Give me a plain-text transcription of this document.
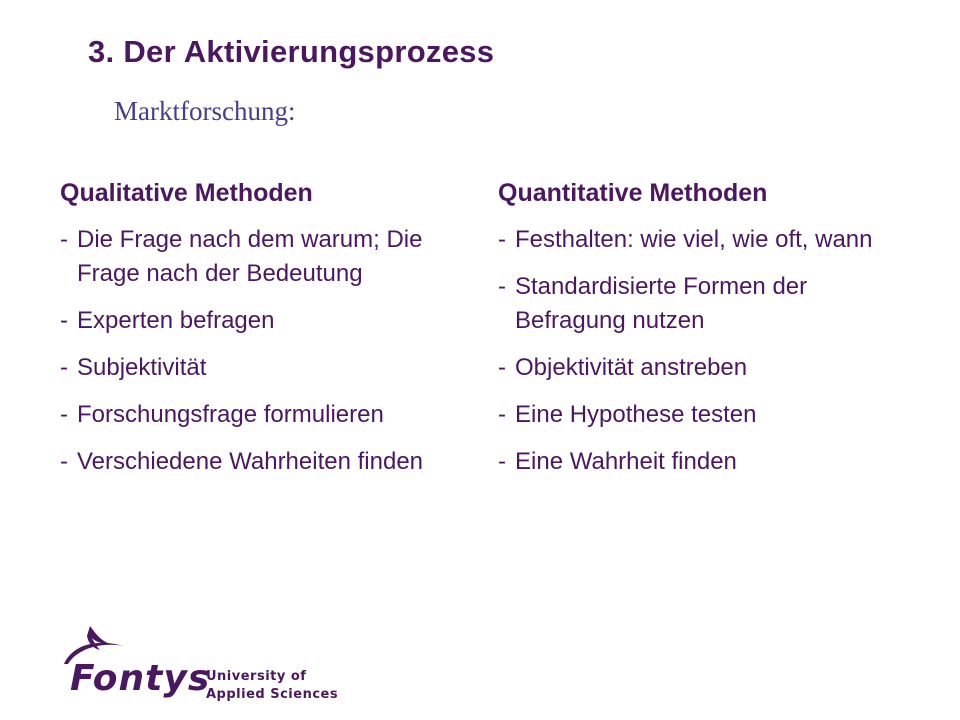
3. Der Aktivierungsprozess
Marktforschung:
Qualitative Methoden
- Die Frage nach dem warum; Die Frage nach der Bedeutung
- Experten befragen
- Subjektivität
- Forschungsfrage formulieren
- Verschiedene Wahrheiten finden
Quantitative Methoden
- Festhalten: wie viel, wie oft, wann
- Standardisierte Formen der Befragung nutzen
- Objektivität anstreben
- Eine Hypothese testen
- Eine Wahrheit finden
Fontys
University of
Applied Sciences
